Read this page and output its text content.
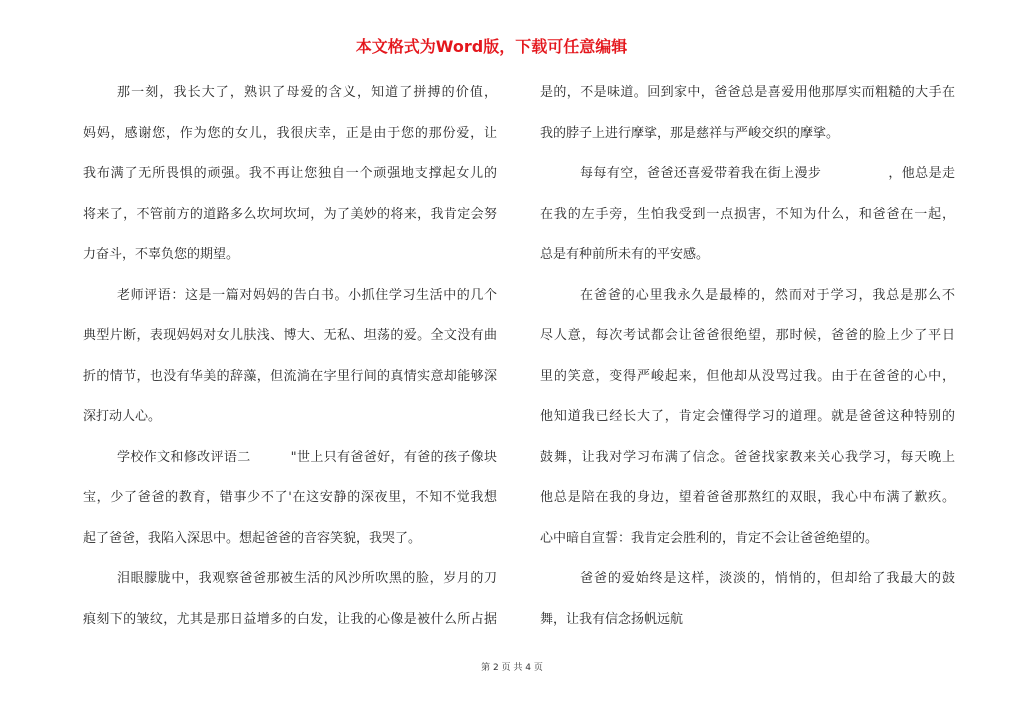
本文格式为Word版，下载可任意编辑
那一刻，我长大了，熟识了母爱的含义，知道了拼搏的价值，
妈妈，感谢您，作为您的女儿，我很庆幸，正是由于您的那份爱，让
我布满了无所畏惧的顽强。我不再让您独自一个顽强地支撑起女儿的
将来了，不管前方的道路多么坎坷坎坷，为了美妙的将来，我肯定会努
力奋斗，不辜负您的期望。
老师评语：这是一篇对妈妈的告白书。小抓住学习生活中的几个
典型片断，表现妈妈对女儿肤浅、博大、无私、坦荡的爱。全文没有曲
折的情节，也没有华美的辞藻，但流淌在字里行间的真情实意却能够深
深打动人心。
学校作文和修改评语二　　　"世上只有爸爸好，有爸的孩子像块
宝，少了爸爸的教育，错事少不了'在这安静的深夜里，不知不觉我想
起了爸爸，我陷入深思中。想起爸爸的音容笑貌，我哭了。
泪眼朦胧中，我观察爸爸那被生活的风沙所吹黑的脸，岁月的刀
痕刻下的皱纹，尤其是那日益增多的白发，让我的心像是被什么所占据
是的，不是味道。回到家中，爸爸总是喜爱用他那厚实而粗糙的大手在
我的脖子上进行摩挲，那是慈祥与严峻交织的摩挲。
每每有空，爸爸还喜爱带着我在街上漫步　　　　　，他总是走
在我的左手旁，生怕我受到一点损害，不知为什么，和爸爸在一起，
总是有种前所未有的平安感。
在爸爸的心里我永久是最棒的，然而对于学习，我总是那么不
尽人意，每次考试都会让爸爸很绝望，那时候，爸爸的脸上少了平日
里的笑意，变得严峻起来，但他却从没骂过我。由于在爸爸的心中，
他知道我已经长大了，肯定会懂得学习的道理。就是爸爸这种特别的
鼓舞，让我对学习布满了信念。爸爸找家教来关心我学习，每天晚上
他总是陪在我的身边，望着爸爸那熬红的双眼，我心中布满了歉疚。
心中暗自宣誓：我肯定会胜利的，肯定不会让爸爸绝望的。
爸爸的爱始终是这样，淡淡的，悄悄的，但却给了我最大的鼓
舞，让我有信念扬帆远航
第 2 页 共 4 页
